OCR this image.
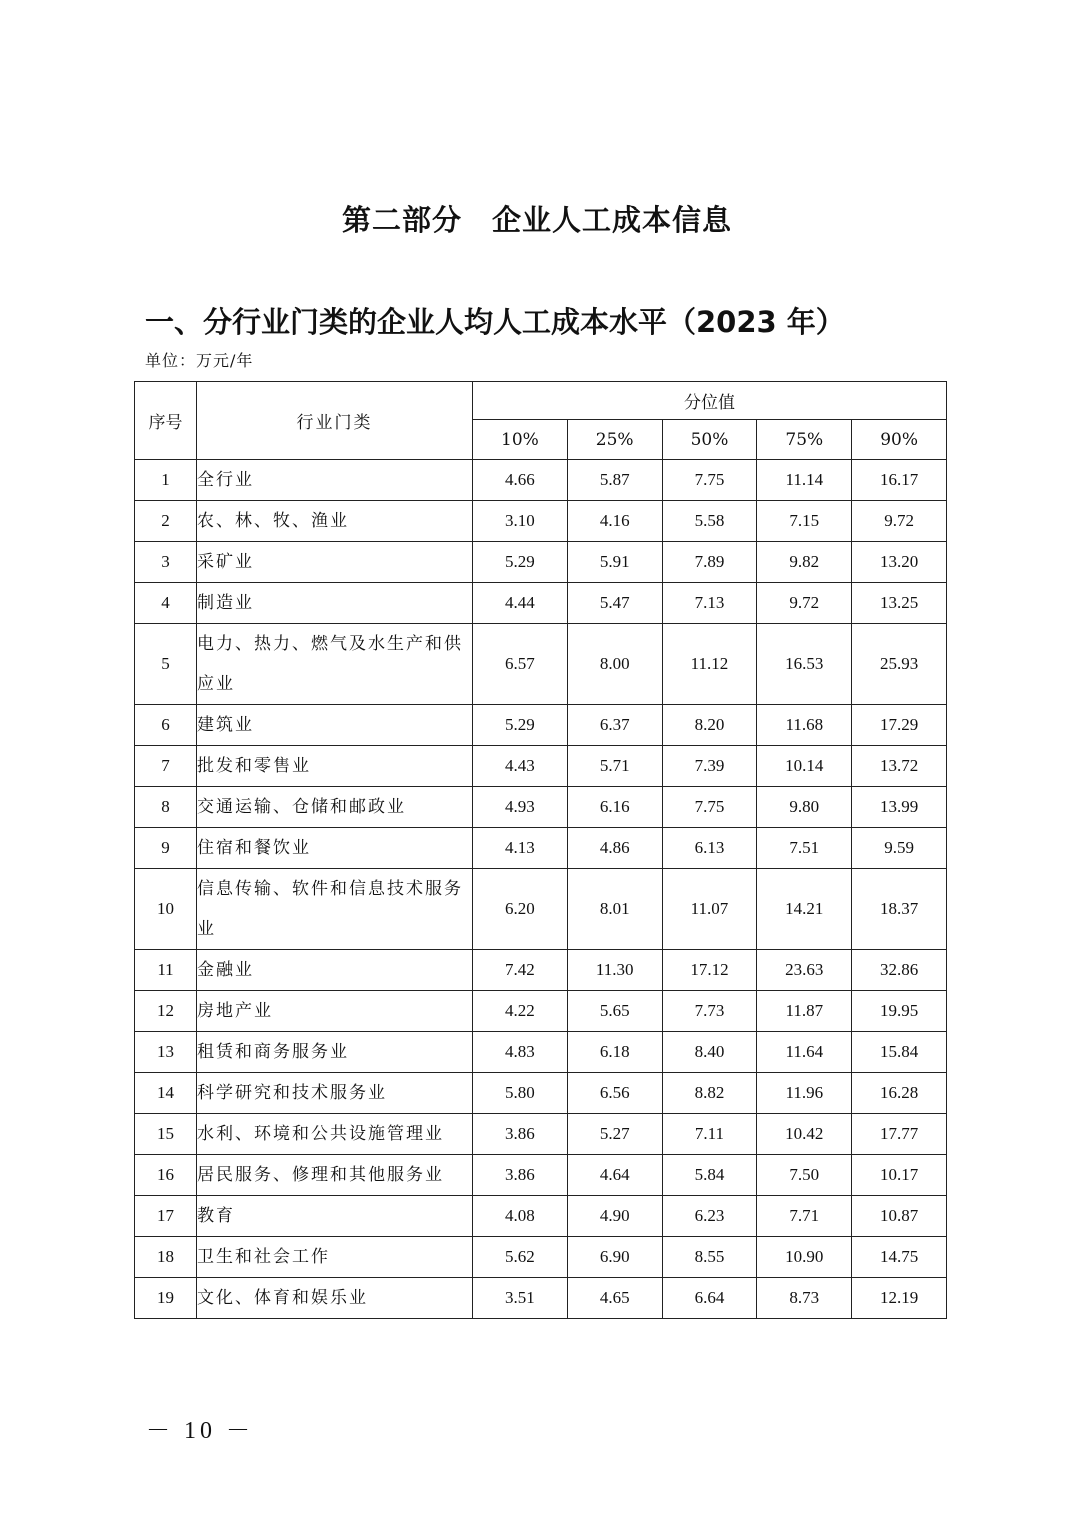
第二部分　企业人工成本信息
一、分行业门类的企业人均人工成本水平（2023 年）
单位：万元/年
序号	行业门类	分位值				
		10%	25%	50%	75%	90%
1	全行业	4.66	5.87	7.75	11.14	16.17
2	农、林、牧、渔业	3.10	4.16	5.58	7.15	9.72
3	采矿业	5.29	5.91	7.89	9.82	13.20
4	制造业	4.44	5.47	7.13	9.72	13.25
5	电力、热力、燃气及水生产和供应业	6.57	8.00	11.12	16.53	25.93
6	建筑业	5.29	6.37	8.20	11.68	17.29
7	批发和零售业	4.43	5.71	7.39	10.14	13.72
8	交通运输、仓储和邮政业	4.93	6.16	7.75	9.80	13.99
9	住宿和餐饮业	4.13	4.86	6.13	7.51	9.59
10	信息传输、软件和信息技术服务业	6.20	8.01	11.07	14.21	18.37
11	金融业	7.42	11.30	17.12	23.63	32.86
12	房地产业	4.22	5.65	7.73	11.87	19.95
13	租赁和商务服务业	4.83	6.18	8.40	11.64	15.84
14	科学研究和技术服务业	5.80	6.56	8.82	11.96	16.28
15	水利、环境和公共设施管理业	3.86	5.27	7.11	10.42	17.77
16	居民服务、修理和其他服务业	3.86	4.64	5.84	7.50	10.17
17	教育	4.08	4.90	6.23	7.71	10.87
18	卫生和社会工作	5.62	6.90	8.55	10.90	14.75
19	文化、体育和娱乐业	3.51	4.65	6.64	8.73	12.19
－ 10 －
